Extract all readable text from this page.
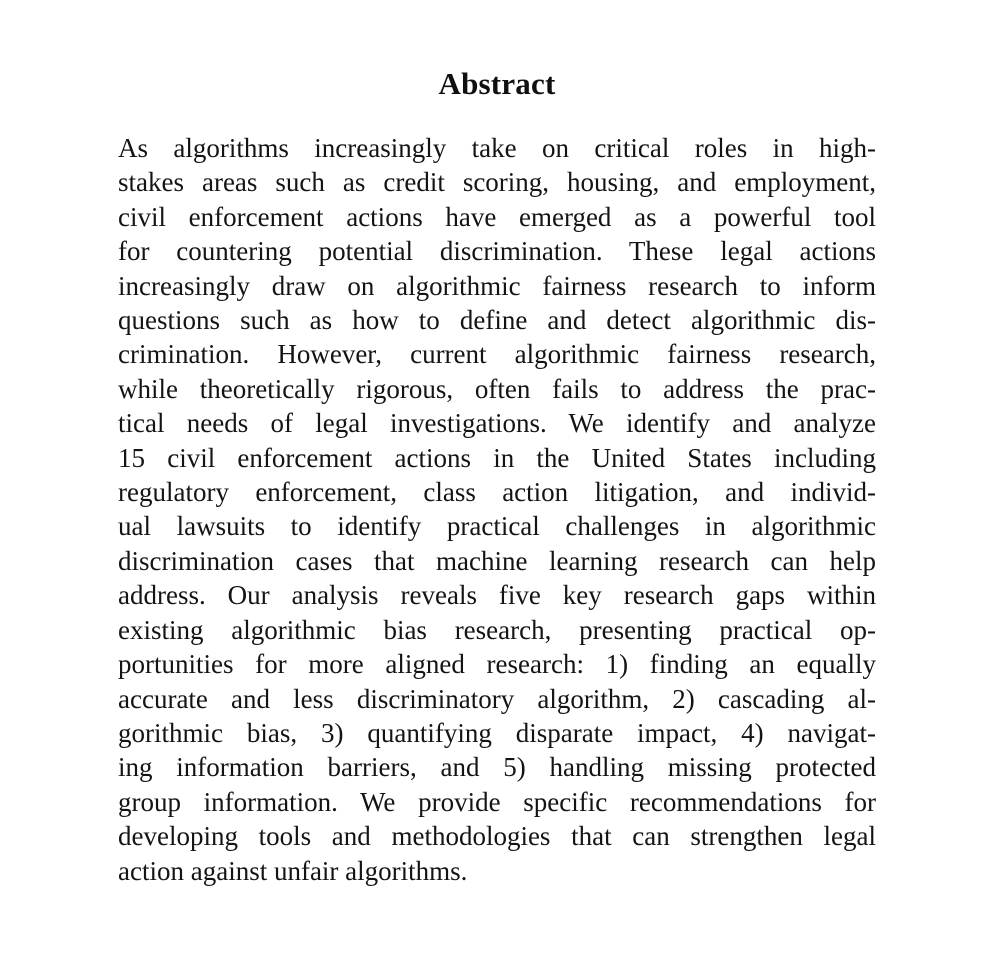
Abstract
As algorithms increasingly take on critical roles in high-
stakes areas such as credit scoring, housing, and employment,
civil enforcement actions have emerged as a powerful tool
for countering potential discrimination. These legal actions
increasingly draw on algorithmic fairness research to inform
questions such as how to define and detect algorithmic dis-
crimination. However, current algorithmic fairness research,
while theoretically rigorous, often fails to address the prac-
tical needs of legal investigations. We identify and analyze
15 civil enforcement actions in the United States including
regulatory enforcement, class action litigation, and individ-
ual lawsuits to identify practical challenges in algorithmic
discrimination cases that machine learning research can help
address. Our analysis reveals five key research gaps within
existing algorithmic bias research, presenting practical op-
portunities for more aligned research: 1) finding an equally
accurate and less discriminatory algorithm, 2) cascading al-
gorithmic bias, 3) quantifying disparate impact, 4) navigat-
ing information barriers, and 5) handling missing protected
group information. We provide specific recommendations for
developing tools and methodologies that can strengthen legal
action against unfair algorithms.
